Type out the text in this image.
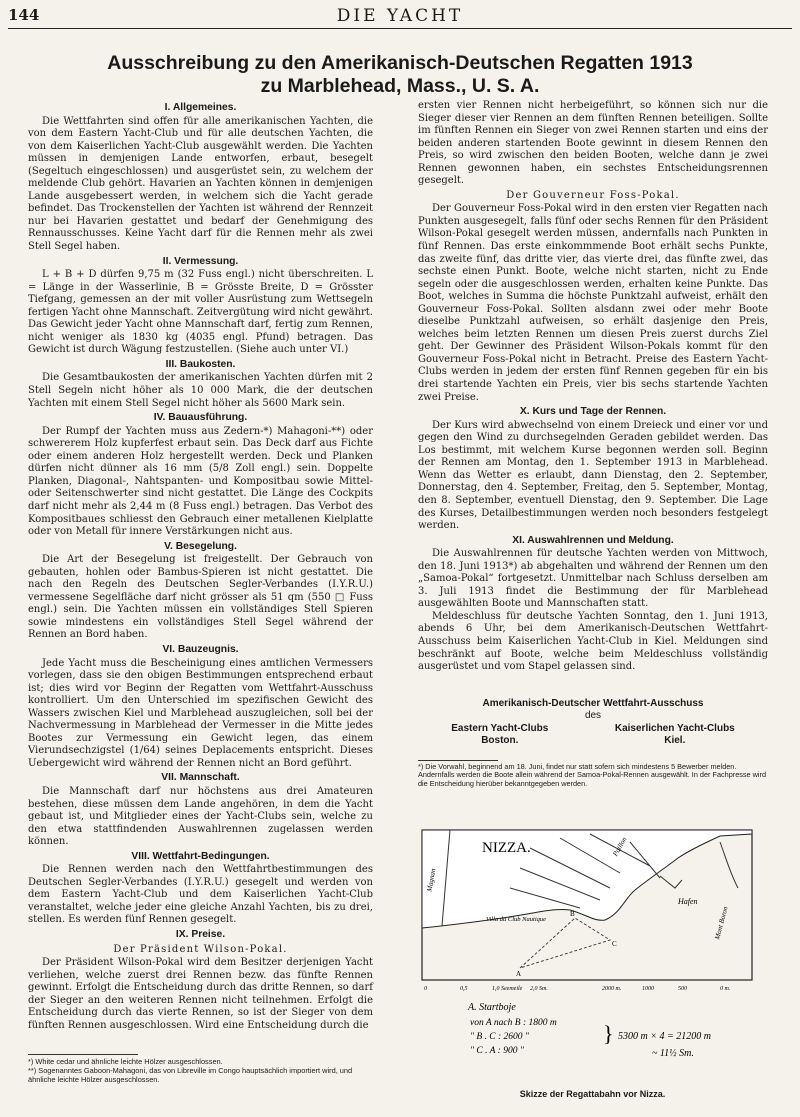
144	DIE YACHT
Ausschreibung zu den Amerikanisch-Deutschen Regatten 1913
zu Marblehead, Mass., U. S. A.
I. Allgemeines.

Die Wettfahrten sind offen für alle amerikanischen Yachten, die von dem Eastern Yacht-Club und für alle deutschen Yachten, die von dem Kaiserlichen Yacht-Club ausgewählt werden. Die Yachten müssen in demjenigen Lande entworfen, erbaut, besegelt (Segeltuch eingeschlossen) und ausgerüstet sein, zu welchem der meldende Club gehört. Havarien an Yachten können in demjenigen Lande ausgebessert werden, in welchem sich die Yacht gerade befindet. Das Trockenstellen der Yachten ist während der Rennzeit nur bei Havarien gestattet und bedarf der Genehmigung des Rennausschusses. Keine Yacht darf für die Rennen mehr als zwei Stell Segel haben.

II. Vermessung.

L + B + D dürfen 9,75 m (32 Fuss engl.) nicht überschreiten. L = Länge in der Wasserlinie, B = Grösste Breite, D = Grösster Tiefgang, gemessen an der mit voller Ausrüstung zum Wettsegeln fertigen Yacht ohne Mannschaft. Zeitvergütung wird nicht gewährt. Das Gewicht jeder Yacht ohne Mannschaft darf, fertig zum Rennen, nicht weniger als 1830 kg (4035 engl. Pfund) betragen. Das Gewicht ist durch Wägung festzustellen. (Siehe auch unter VI.)

III. Baukosten.

Die Gesamtbaukosten der amerikanischen Yachten dürfen mit 2 Stell Segeln nicht höher als 10 000 Mark, die der deutschen Yachten mit einem Stell Segel nicht höher als 5600 Mark sein.

IV. Bauausführung.

Der Rumpf der Yachten muss aus Zedern-*) Mahagoni-**) oder schwererem Holz kupferfest erbaut sein. Das Deck darf aus Fichte oder einem anderen Holz hergestellt werden. Deck und Planken dürfen nicht dünner als 16 mm (5/8 Zoll engl.) sein. Doppelte Planken, Diagonal-, Nahtspanten- und Kompositbau sowie Mittel- oder Seitenschwerter sind nicht gestattet. Die Länge des Cockpits darf nicht mehr als 2,44 m (8 Fuss engl.) betragen. Das Verbot des Kompositbaues schliesst den Gebrauch einer metallenen Kielplatte oder von Metall für innere Verstärkungen nicht aus.

V. Besegelung.

Die Art der Besegelung ist freigestellt. Der Gebrauch von gebauten, hohlen oder Bambus-Spieren ist nicht gestattet. Die nach den Regeln des Deutschen Segler-Verbandes (I.Y.R.U.) vermessene Segelfläche darf nicht grösser als 51 qm (550 □ Fuss engl.) sein. Die Yachten müssen ein vollständiges Stell Spieren sowie mindestens ein vollständiges Stell Segel während der Rennen an Bord haben.

VI. Bauzeugnis.

Jede Yacht muss die Bescheinigung eines amtlichen Vermessers vorlegen, dass sie den obigen Bestimmungen entsprechend erbaut ist; dies wird vor Beginn der Regatten vom Wettfahrt-Ausschuss kontrolliert. Um den Unterschied im spezifischen Gewicht des Wassers zwischen Kiel und Marblehead auszugleichen, soll bei der Nachvermessung in Marblehead der Vermesser in die Mitte jedes Bootes zur Vermessung ein Gewicht legen, das einem Vierundsechzigstel (1/64) seines Deplacements entspricht. Dieses Uebergewicht wird während der Rennen nicht an Bord geführt.

VII. Mannschaft.

Die Mannschaft darf nur höchstens aus drei Amateuren bestehen, diese müssen dem Lande angehören, in dem die Yacht gebaut ist, und Mitglieder eines der Yacht-Clubs sein, welche zu den etwa stattfindenden Auswahlrennen zugelassen werden können.

VIII. Wettfahrt-Bedingungen.

Die Rennen werden nach den Wettfahrtbestimmungen des Deutschen Segler-Verbandes (I.Y.R.U.) gesegelt und werden von dem Eastern Yacht-Club und dem Kaiserlichen Yacht-Club veranstaltet, welche jeder eine gleiche Anzahl Yachten, bis zu drei, stellen. Es werden fünf Rennen gesegelt.

IX. Preise.
Der Präsident Wilson-Pokal.

Der Präsident Wilson-Pokal wird dem Besitzer derjenigen Yacht verliehen, welche zuerst drei Rennen bezw. das fünfte Rennen gewinnt. Erfolgt die Entscheidung durch das dritte Rennen, so darf der Sieger an den weiteren Rennen nicht teilnehmen. Erfolgt die Entscheidung durch das vierte Rennen, so ist der Sieger von dem fünften Rennen ausgeschlossen. Wird eine Entscheidung durch die

ersten vier Rennen nicht herbeigeführt, so können sich nur die Sieger dieser vier Rennen an dem fünften Rennen beteiligen. Sollte im fünften Rennen ein Sieger von zwei Rennen starten und eins der beiden anderen startenden Boote gewinnt in diesem Rennen den Preis, so wird zwischen den beiden Booten, welche dann je zwei Rennen gewonnen haben, ein sechstes Entscheidungsrennen gesegelt.

Der Gouverneur Foss-Pokal.

Der Gouverneur Foss-Pokal wird in den ersten vier Regatten nach Punkten ausgesegelt, falls fünf oder sechs Rennen für den Präsident Wilson-Pokal gesegelt werden müssen, andernfalls nach Punkten in fünf Rennen. Das erste einkommmende Boot erhält sechs Punkte, das zweite fünf, das dritte vier, das vierte drei, das fünfte zwei, das sechste einen Punkt. Boote, welche nicht starten, nicht zu Ende segeln oder die ausgeschlossen werden, erhalten keine Punkte. Das Boot, welches in Summa die höchste Punktzahl aufweist, erhält den Gouverneur Foss-Pokal. Sollten alsdann zwei oder mehr Boote dieselbe Punktzahl aufweisen, so erhält dasjenige den Preis, welches beim letzten Rennen um diesen Preis zuerst durchs Ziel geht. Der Gewinner des Präsident Wilson-Pokals kommt für den Gouverneur Foss-Pokal nicht in Betracht. Preise des Eastern Yacht-Clubs werden in jedem der ersten fünf Rennen gegeben für ein bis drei startende Yachten ein Preis, vier bis sechs startende Yachten zwei Preise.

X. Kurs und Tage der Rennen.

Der Kurs wird abwechselnd von einem Dreieck und einer vor und gegen den Wind zu durchsegelnden Geraden gebildet werden. Das Los bestimmt, mit welchem Kurse begonnen werden soll. Beginn der Rennen am Montag, den 1. September 1913 in Marblehead. Wenn das Wetter es erlaubt, dann Dienstag, den 2. September, Donnerstag, den 4. September, Freitag, den 5. September, Montag, den 8. September, eventuell Dienstag, den 9. September. Die Lage des Kurses, Detailbestimmungen werden noch besonders festgelegt werden.

XI. Auswahlrennen und Meldung.

Die Auswahlrennen für deutsche Yachten werden von Mittwoch, den 18. Juni 1913*) ab abgehalten und während der Rennen um den „Samoa-Pokal“ fortgesetzt. Unmittelbar nach Schluss derselben am 3. Juli 1913 findet die Bestimmung der für Marblehead ausgewählten Boote und Mannschaften statt.

Meldeschluss für deutsche Yachten Sonntag, den 1. Juni 1913, abends 6 Uhr, bei dem Amerikanisch-Deutschen Wettfahrt-Ausschuss beim Kaiserlichen Yacht-Club in Kiel. Meldungen sind beschränkt auf Boote, welche beim Meldeschluss vollständig ausgerüstet und vom Stapel gelassen sind.

Amerikanisch-Deutscher Wettfahrt-Ausschuss
des
Eastern Yacht-Clubs
Boston.
Kaiserlichen Yacht-Clubs
Kiel.
*) Die Vorwahl, beginnend am 18. Juni, findet nur statt sofern sich mindestens 5 Bewerber melden. Andernfalls werden die Boote allein während der Samoa-Pokal-Rennen ausgewählt. In der Fachpresse wird die Entscheidung hierüber bekanntgegeben werden.
NIZZA.
Magnan
Paillon
Villa du Club Nautique
Hafen
Mont Boron
A
B
C
0	0,5	1,0 Seemeile 2,0 Sm.	2000 m.	1000	500	0 m.
A. Startboje
von A nach B : 1800 m
" B . C : 2600 "
" C . A : 900 "
} 5300 m × 4 = 21200 m
~ 11½ Sm.
Skizze der Regattabahn vor Nizza.
*) White cedar und ähnliche leichte Hölzer ausgeschlossen.
**) Sogenanntes Gaboon-Mahagoni, das von Libreville im Congo hauptsächlich importiert wird, und ähnliche leichte Hölzer ausgeschlossen.
